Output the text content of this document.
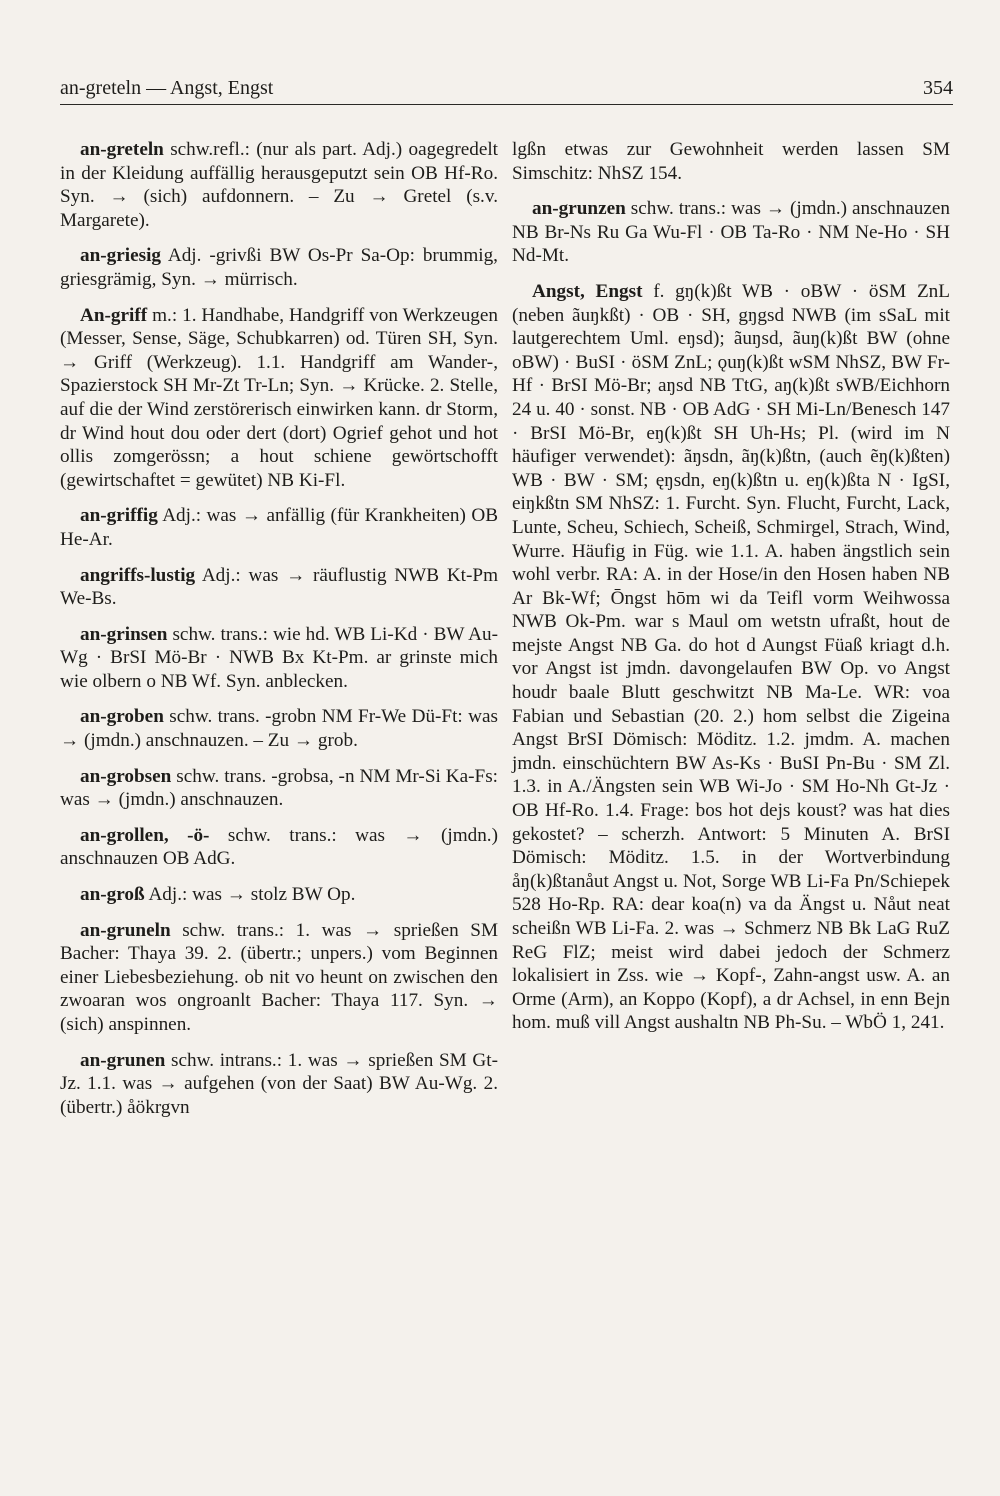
an-greteln — Angst, Engst	354

an-greteln schw.refl.: (nur als part. Adj.) oagegredelt in der Kleidung auffällig herausgeputzt sein OB Hf-Ro. Syn. → (sich) aufdonnern. – Zu → Gretel (s.v. Margarete).

an-griesig Adj. -grivßi BW Os-Pr Sa-Op: brummig, griesgrämig, Syn. → mürrisch.

An-griff m.: 1. Handhabe, Handgriff von Werkzeugen (Messer, Sense, Säge, Schubkarren) od. Türen SH, Syn. → Griff (Werkzeug). 1.1. Handgriff am Wander-, Spazierstock SH Mr-Zt Tr-Ln; Syn. → Krücke. 2. Stelle, auf die der Wind zerstörerisch einwirken kann. dr Storm, dr Wind hout dou oder dert (dort) Ogrief gehot und hot ollis zomgerössn; a hout schiene gewörtschofft (gewirtschaftet = gewütet) NB Ki-Fl.

an-griffig Adj.: was → anfällig (für Krankheiten) OB He-Ar.

angriffs-lustig Adj.: was → räuflustig NWB Kt-Pm We-Bs.

an-grinsen schw. trans.: wie hd. WB Li-Kd · BW Au-Wg · BrSI Mö-Br · NWB Bx Kt-Pm. ar grinste mich wie olbern o NB Wf. Syn. anblecken.

an-groben schw. trans. -grobn NM Fr-We Dü-Ft: was → (jmdn.) anschnauzen. – Zu → grob.

an-grobsen schw. trans. -grobsa, -n NM Mr-Si Ka-Fs: was → (jmdn.) anschnauzen.

an-grollen, -ö- schw. trans.: was → (jmdn.) anschnauzen OB AdG.

an-groß Adj.: was → stolz BW Op.

an-gruneln schw. trans.: 1. was → sprießen SM Bacher: Thaya 39. 2. (übertr.; unpers.) vom Beginnen einer Liebesbeziehung. ob nit vo heunt on zwischen den zwoaran wos ongroanlt Bacher: Thaya 117. Syn. → (sich) anspinnen.

an-grunen schw. intrans.: 1. was → sprießen SM Gt-Jz. 1.1. was → aufgehen (von der Saat) BW Au-Wg. 2. (übertr.) åökrgvn

lgßn etwas zur Gewohnheit werden lassen SM Simschitz: NhSZ 154.

an-grunzen schw. trans.: was → (jmdn.) anschnauzen NB Br-Ns Ru Ga Wu-Fl · OB Ta-Ro · NM Ne-Ho · SH Nd-Mt.

Angst, Engst f. gŋ(k)ßt WB · oBW · öSM ZnL (neben ãuŋkßt) · OB · SH, gŋgsd NWB (im sSaL mit lautgerechtem Uml. eŋsd); ãuŋsd, ãuŋ(k)ßt BW (ohne oBW) · BuSI · öSM ZnL; ǫuŋ(k)ßt wSM NhSZ, BW Fr-Hf · BrSI Mö-Br; aŋsd NB TtG, aŋ(k)ßt sWB/Eichhorn 24 u. 40 · sonst. NB · OB AdG · SH Mi-Ln/Benesch 147 · BrSI Mö-Br, eŋ(k)ßt SH Uh-Hs; Pl. (wird im N häufiger verwendet): ãŋsdn, ãŋ(k)ßtn, (auch ẽŋ(k)ßten) WB · BW · SM; ęŋsdn, eŋ(k)ßtn u. eŋ(k)ßta N · IgSI, eiŋkßtn SM NhSZ: 1. Furcht. Syn. Flucht, Furcht, Lack, Lunte, Scheu, Schiech, Scheiß, Schmirgel, Strach, Wind, Wurre. Häufig in Füg. wie 1.1. A. haben ängstlich sein wohl verbr. RA: A. in der Hose/in den Hosen haben NB Ar Bk-Wf; Ōngst hōm wi da Teifl vorm Weihwossa NWB Ok-Pm. war s Maul om wetstn ufraßt, hout de mejste Angst NB Ga. do hot d Aungst Füaß kriagt d.h. vor Angst ist jmdn. davongelaufen BW Op. vo Angst houdr baale Blutt geschwitzt NB Ma-Le. WR: voa Fabian und Sebastian (20. 2.) hom selbst die Zigeina Angst BrSI Dömisch: Möditz. 1.2. jmdm. A. machen jmdn. einschüchtern BW As-Ks · BuSI Pn-Bu · SM Zl. 1.3. in A./Ängsten sein WB Wi-Jo · SM Ho-Nh Gt-Jz · OB Hf-Ro. 1.4. Frage: bos hot dejs koust? was hat dies gekostet? – scherzh. Antwort: 5 Minuten A. BrSI Dömisch: Möditz. 1.5. in der Wortverbindung åŋ(k)ßtanåut Angst u. Not, Sorge WB Li-Fa Pn/Schiepek 528 Ho-Rp. RA: dear koa(n) va da Ängst u. Nåut neat scheißn WB Li-Fa. 2. was → Schmerz NB Bk LaG RuZ ReG FlZ; meist wird dabei jedoch der Schmerz lokalisiert in Zss. wie → Kopf-, Zahn-angst usw. A. an Orme (Arm), an Koppo (Kopf), a dr Achsel, in enn Bejn hom. muß vill Angst aushaltn NB Ph-Su. – WbÖ 1, 241.
